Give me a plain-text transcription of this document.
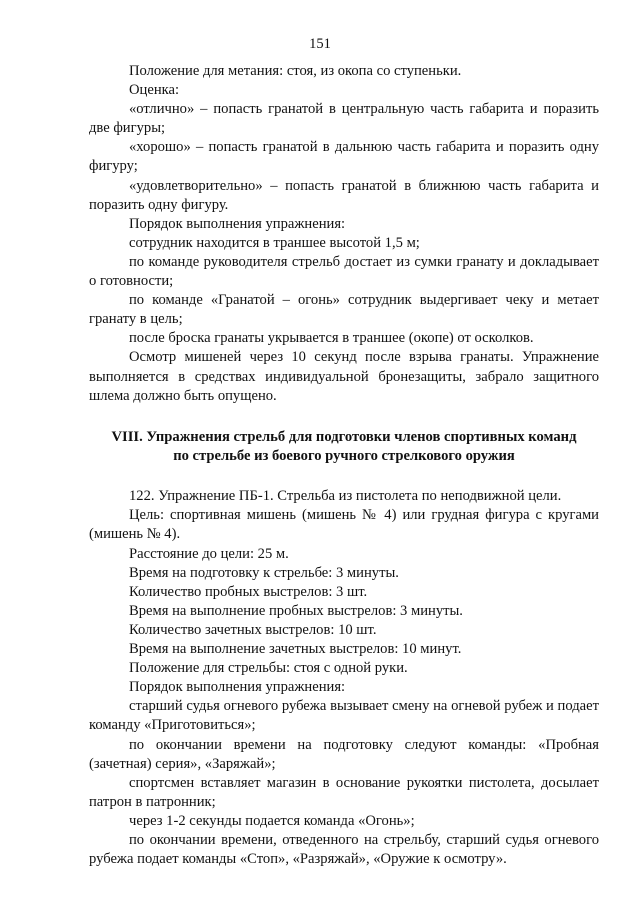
151

Положение для метания: стоя, из окопа со ступеньки.

Оценка:

«отлично» – попасть гранатой в центральную часть габарита и поразить две фигуры;

«хорошо» – попасть гранатой в дальнюю часть габарита и поразить одну фигуру;

«удовлетворительно» – попасть гранатой в ближнюю часть габарита и поразить одну фигуру.

Порядок выполнения упражнения:

сотрудник находится в траншее высотой 1,5 м;

по команде руководителя стрельб достает из сумки гранату и докладывает о готовности;

по команде «Гранатой – огонь» сотрудник выдергивает чеку и метает гранату в цель;

после броска гранаты укрывается в траншее (окопе) от осколков.

Осмотр мишеней через 10 секунд после взрыва гранаты. Упражнение выполняется в средствах индивидуальной бронезащиты, забрало защитного шлема должно быть опущено.

VIII. Упражнения стрельб для подготовки членов спортивных команд
по стрельбе из боевого ручного стрелкового оружия

122. Упражнение ПБ-1. Стрельба из пистолета по неподвижной цели.

Цель: спортивная мишень (мишень № 4) или грудная фигура с кругами (мишень № 4).

Расстояние до цели: 25 м.

Время на подготовку к стрельбе: 3 минуты.

Количество пробных выстрелов: 3 шт.

Время на выполнение пробных выстрелов: 3 минуты.

Количество зачетных выстрелов: 10 шт.

Время на выполнение зачетных выстрелов: 10 минут.

Положение для стрельбы: стоя с одной руки.

Порядок выполнения упражнения:

старший судья огневого рубежа вызывает смену на огневой рубеж и подает команду «Приготовиться»;

по окончании времени на подготовку следуют команды: «Пробная (зачетная) серия», «Заряжай»;

спортсмен вставляет магазин в основание рукоятки пистолета, досылает патрон в патронник;

через 1-2 секунды подается команда «Огонь»;

по окончании времени, отведенного на стрельбу, старший судья огневого рубежа подает команды «Стоп», «Разряжай», «Оружие к осмотру».
